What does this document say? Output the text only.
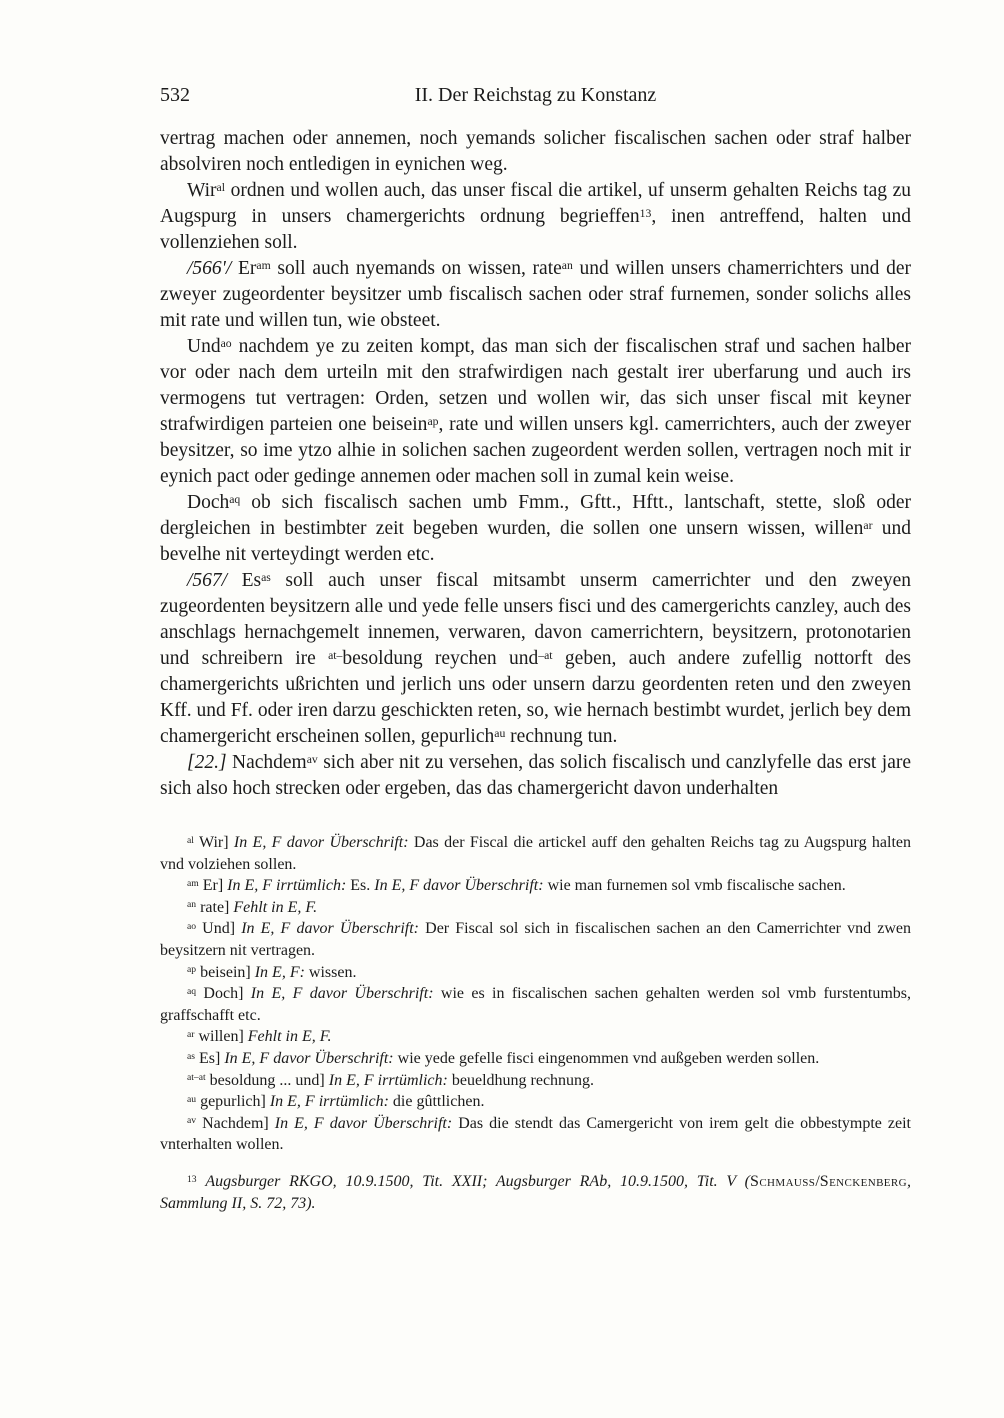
532	II. Der Reichstag zu Konstanz

vertrag machen oder annemen, noch yemands solicher fiscalischen sachen oder straf halber absolviren noch entledigen in eynichen weg.

Wir$^{al}$ ordnen und wollen auch, das unser fiscal die artikel, uf unserm gehalten Reichs tag zu Augspurg in unsers chamergerichts ordnung begrieffen$^{13}$, inen antreffend, halten und vollenziehen soll.

/566'/ $Er^{am}$ soll auch nyemands on wissen, rate$^{an}$ und willen unsers chamerrichters und der zweyer zugeordenter beysitzer umb fiscalisch sachen oder straf furnemen, sonder solichs alles mit rate und willen tun, wie obsteet.

Und$^{ao}$ nachdem ye zu zeiten kompt, das man sich der fiscalischen straf und sachen halber vor oder nach dem urteiln mit den strafwirdigen nach gestalt irer uberfarung und auch irs vermogens tut vertragen: Orden, setzen und wollen wir, das sich unser fiscal mit keyner strafwirdigen parteien one beisein$^{ap}$, rate und willen unsers kgl. camerrichters, auch der zweyer beysitzer, so ime ytzo alhie in solichen sachen zugeordent werden sollen, vertragen noch mit ir eynich pact oder gedinge annemen oder machen soll in zumal kein weise.

Doch$^{aq}$ ob sich fiscalisch sachen umb Fmm., Gftt., Hftt., lantschaft, stette, sloß oder dergleichen in bestimbter zeit begeben wurden, die sollen one unsern wissen, willen$^{ar}$ und bevelhe nit verteydingt werden etc.

/567/ $Es^{as}$ soll auch unser fiscal mitsambt unserm camerrichter und den zweyen zugeordenten beysitzern alle und yede felle unsers fisci und des camergerichts canzley, auch des anschlags hernachgemelt innemen, verwaren, davon camerrichtern, beysitzern, protonotarien und schreibern ire $^{at-}$besoldung reychen und$^{-at}$ geben, auch andere zufellig nottorft des chamergerichts ußrichten und jerlich uns oder unsern darzu geordenten reten und den zweyen Kff. und Ff. oder iren darzu geschickten reten, so, wie hernach bestimbt wurdet, jerlich bey dem chamergericht erscheinen sollen, gepurlich$^{au}$ rechnung tun.

[22.] Nachdem$^{av}$ sich aber nit zu versehen, das solich fiscalisch und canzlyfelle das erst jare sich also hoch strecken oder ergeben, das das chamergericht davon underhalten

$^{al}$ Wir] In E, F davor Überschrift: Das der Fiscal die artickel auff den gehalten Reichs tag zu Augspurg halten vnd volziehen sollen.

$^{am}$ Er] In E, F irrtümlich: Es. In E, F davor Überschrift: wie man furnemen sol vmb fiscalische sachen.

$^{an}$ rate] Fehlt in E, F.

$^{ao}$ Und] In E, F davor Überschrift: Der Fiscal sol sich in fiscalischen sachen an den Camerrichter vnd zwen beysitzern nit vertragen.

$^{ap}$ beisein] In E, F: wissen.

$^{aq}$ Doch] In E, F davor Überschrift: wie es in fiscalischen sachen gehalten werden sol vmb furstentumbs, graffschafft etc.

$^{ar}$ willen] Fehlt in E, F.

$^{as}$ Es] In E, F davor Überschrift: wie yede gefelle fisci eingenommen vnd außgeben werden sollen.

$^{at-at}$ besoldung ... und] In E, F irrtümlich: beueldhung rechnung.

$^{au}$ gepurlich] In E, F irrtümlich: die gûttlichen.

$^{av}$ Nachdem] In E, F davor Überschrift: Das die stendt das Camergericht von irem gelt die obbestympte zeit vnterhalten wollen.

$^{13}$ Augsburger RKGO, 10.9.1500, Tit. XXII; Augsburger RAb, 10.9.1500, Tit. V (Schmauss/Senckenberg, Sammlung II, S. 72, 73).
